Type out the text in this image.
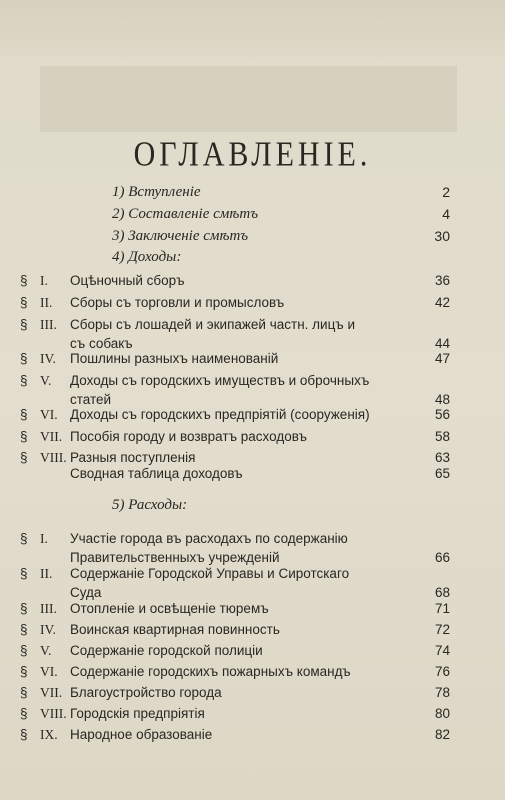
ОГЛАВЛЕНІЕ.
1) Вступленіе	2
2) Составленіе смѣтъ	4
3) Заключеніе смѣтъ	30
4) Доходы:
§ I. Оцѣночный сборъ	36
§ II. Сборы съ торговли и промысловъ	42
§ III. Сборы съ лошадей и экипажей частн. лицъ и
съ собакъ	44
§ IV. Пошлины разныхъ наименованій	47
§ V. Доходы съ городскихъ имуществъ и оброчныхъ
статей	48
§ VI. Доходы съ городскихъ предпріятій (сооруженія)	56
§ VII. Пособія городу и возвратъ расходовъ	58
§ VIII. Разныя поступленія	63
Сводная таблица доходовъ	65
5) Расходы:
§ I. Участіе города въ расходахъ по содержанію
Правительственныхъ учрежденій	66
§ II. Содержаніе Городской Управы и Сиротскаго
Суда	68
§ III. Отопленіе и освѣщеніе тюремъ	71
§ IV. Воинская квартирная повинность	72
§ V. Содержаніе городской полиціи	74
§ VI. Содержаніе городскихъ пожарныхъ командъ	76
§ VII. Благоустройство города	78
§ VIII. Городскія предпріятія	80
§ IX. Народное образованіе	82
